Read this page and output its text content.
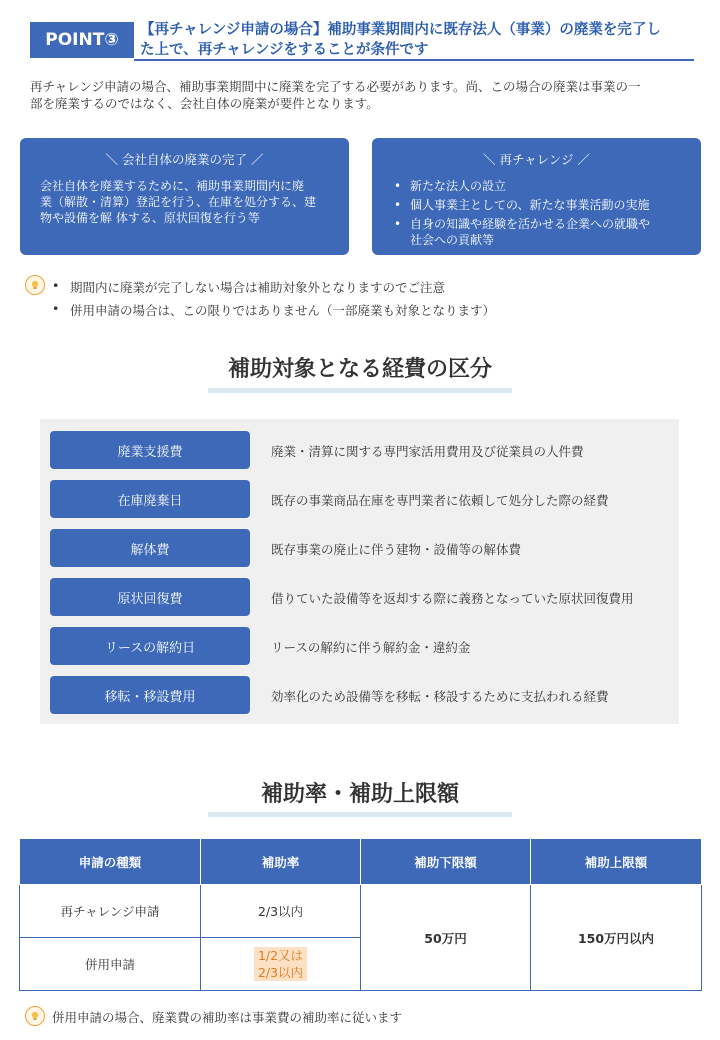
POINT③	【再チャレンジ申請の場合】補助事業期間内に既存法人（事業）の廃業を完了し
た上で、再チャレンジをすることが条件です
再チャレンジ申請の場合、補助事業期間中に廃業を完了する必要があります。尚、この場合の廃業は事業の一
部を廃業するのではなく、会社自体の廃業が要件となります。
＼ 会社自体の廃業の完了 ／
会社自体を廃業するために、補助事業期間内に廃
業（解散・清算）登記を行う、在庫を処分する、建
物や設備を解 体する、原状回復を行う等
＼ 再チャレンジ ／
• 新たな法人の設立
• 個人事業主としての、新たな事業活動の実施
• 自身の知識や経験を活かせる企業への就職や
社会への貢献等
• 期間内に廃業が完了しない場合は補助対象外となりますのでご注意
• 併用申請の場合は、この限りではありません（一部廃業も対象となります）
補助対象となる経費の区分
廃業支援費	廃業・清算に関する専門家活用費用及び従業員の人件費
在庫廃棄日	既存の事業商品在庫を専門業者に依頼して処分した際の経費
解体費	既存事業の廃止に伴う建物・設備等の解体費
原状回復費	借りていた設備等を返却する際に義務となっていた原状回復費用
リースの解約日	リースの解約に伴う解約金・違約金
移転・移設費用	効率化のため設備等を移転・移設するために支払われる経費
補助率・補助上限額
申請の種類	補助率	補助下限額	補助上限額
再チャレンジ申請	2/3以内	50万円	150万円以内
併用申請	1/2又は
2/3以内		
併用申請の場合、廃業費の補助率は事業費の補助率に従います
